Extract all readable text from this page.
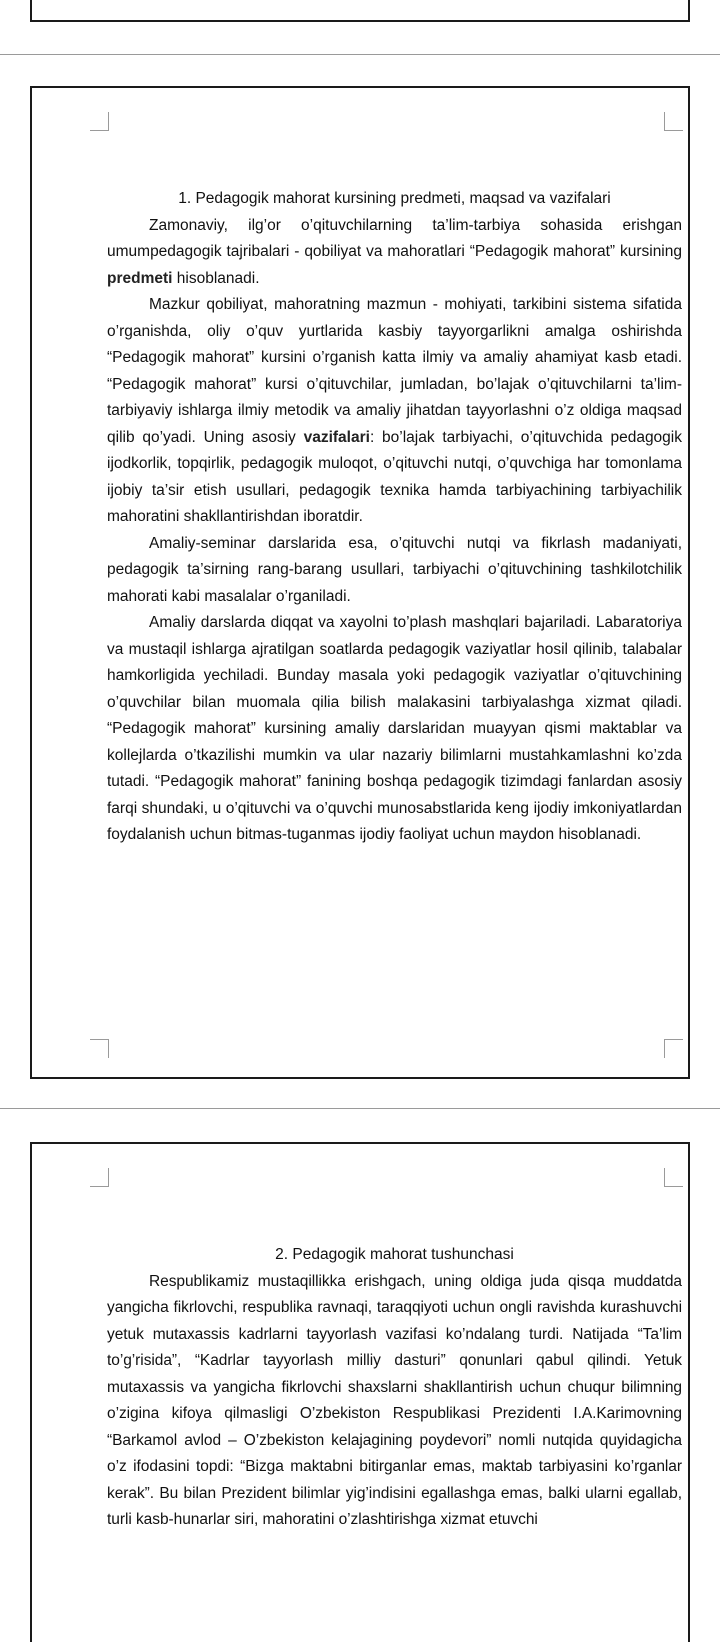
1. Pedagogik mahorat kursining predmeti, maqsad va vazifalari

Zamonaviy, ilg’or o’qituvchilarning ta’lim-tarbiya sohasida erishgan umumpedagogik tajribalari - qobiliyat va mahoratlari “Pedagogik mahorat” kursining predmeti hisoblanadi.

Mazkur qobiliyat, mahoratning mazmun - mohiyati, tarkibini sistema sifatida o’rganishda, oliy o’quv yurtlarida kasbiy tayyorgarlikni amalga oshirishda “Pedagogik mahorat” kursini o’rganish katta ilmiy va amaliy ahamiyat kasb etadi. “Pedagogik mahorat” kursi o’qituvchilar, jumladan, bo’lajak o’qituvchilarni ta’lim-tarbiyaviy ishlarga ilmiy metodik va amaliy jihatdan tayyorlashni o’z oldiga maqsad qilib qo’yadi. Uning asosiy vazifalari: bo’lajak tarbiyachi, o’qituvchida pedagogik ijodkorlik, topqirlik, pedagogik muloqot, o’qituvchi nutqi, o’quvchiga har tomonlama ijobiy ta’sir etish usullari, pedagogik texnika hamda tarbiyachining tarbiyachilik mahoratini shakllantirishdan iboratdir.

Amaliy-seminar darslarida esa, o’qituvchi nutqi va fikrlash madaniyati, pedagogik ta’sirning rang-barang usullari, tarbiyachi o’qituvchining tashkilotchilik mahorati kabi masalalar o’rganiladi.

Amaliy darslarda diqqat va xayolni to’plash mashqlari bajariladi. Labaratoriya va mustaqil ishlarga ajratilgan soatlarda pedagogik vaziyatlar hosil qilinib, talabalar hamkorligida yechiladi. Bunday masala yoki pedagogik vaziyatlar o’qituvchining o’quvchilar bilan muomala qilia bilish malakasini tarbiyalashga xizmat qiladi. “Pedagogik mahorat” kursining amaliy darslaridan muayyan qismi maktablar va kollejlarda o’tkazilishi mumkin va ular nazariy bilimlarni mustahkamlashni ko’zda tutadi. “Pedagogik mahorat” fanining boshqa pedagogik tizimdagi fanlardan asosiy farqi shundaki, u o’qituvchi va o’quvchi munosabstlarida keng ijodiy imkoniyatlardan foydalanish uchun bitmas-tuganmas ijodiy faoliyat uchun maydon hisoblanadi.

2. Pedagogik mahorat tushunchasi

Respublikamiz mustaqillikka erishgach, uning oldiga juda qisqa muddatda yangicha fikrlovchi, respublika ravnaqi, taraqqiyoti uchun ongli ravishda kurashuvchi yetuk mutaxassis kadrlarni tayyorlash vazifasi ko’ndalang turdi. Natijada “Ta’lim to’g’risida”, “Kadrlar tayyorlash milliy dasturi” qonunlari qabul qilindi. Yetuk mutaxassis va yangicha fikrlovchi shaxslarni shakllantirish uchun chuqur bilimning o’zigina kifoya qilmasligi O’zbekiston Respublikasi Prezidenti I.A.Karimovning “Barkamol avlod – O’zbekiston kelajagining poydevori” nomli nutqida quyidagicha o’z ifodasini topdi: “Bizga maktabni bitirganlar emas, maktab tarbiyasini ko’rganlar kerak”. Bu bilan Prezident bilimlar yig’indisini egallashga emas, balki ularni egallab, turli kasb-hunarlar siri, mahoratini o’zlashtirishga xizmat etuvchi
